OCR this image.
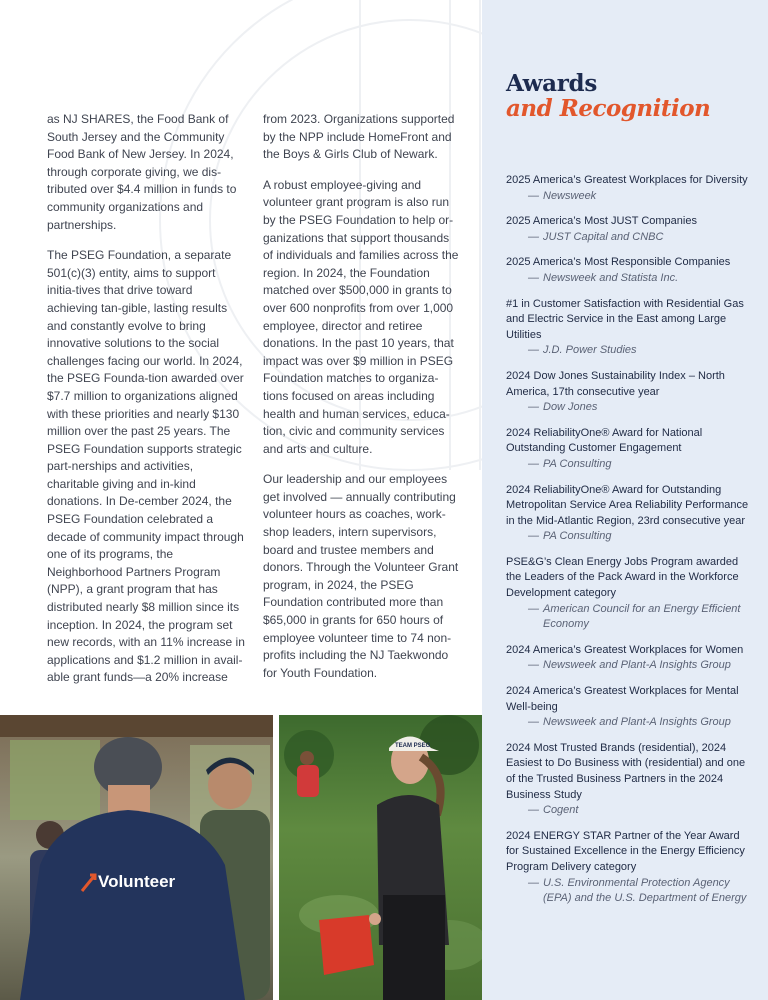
as NJ SHARES, the Food Bank of South Jersey and the Community Food Bank of New Jersey. In 2024, through corporate giving, we dis-tributed over $4.4 million in funds to community organizations and partnerships.

The PSEG Foundation, a separate 501(c)(3) entity, aims to support initia-tives that drive toward achieving tan-gible, lasting results and constantly evolve to bring innovative solutions to the social challenges facing our world. In 2024, the PSEG Founda-tion awarded over $7.7 million to organizations aligned with these priorities and nearly $130 million over the past 25 years. The PSEG Foundation supports strategic part-nerships and activities, charitable giving and in-kind donations. In De-cember 2024, the PSEG Foundation celebrated a decade of community impact through one of its programs, the Neighborhood Partners Program (NPP), a grant program that has distributed nearly $8 million since its inception. In 2024, the program set new records, with an 11% increase in applications and $1.2 million in avail-able grant funds—a 20% increase

from 2023. Organizations supported by the NPP include HomeFront and the Boys & Girls Club of Newark.

A robust employee-giving and volunteer grant program is also run by the PSEG Foundation to help or-ganizations that support thousands of individuals and families across the region. In 2024, the Foundation matched over $500,000 in grants to over 600 nonprofits from over 1,000 employee, director and retiree donations. In the past 10 years, that impact was over $9 million in PSEG Foundation matches to organiza-tions focused on areas including health and human services, educa-tion, civic and community services and arts and culture.

Our leadership and our employees get involved — annually contributing volunteer hours as coaches, work-shop leaders, intern supervisors, board and trustee members and donors. Through the Volunteer Grant program, in 2024, the PSEG Foundation contributed more than $65,000 in grants for 650 hours of employee volunteer time to 74 non-profits including the NJ Taekwondo for Youth Foundation.

Awards
and Recognition
2025 America’s Greatest Workplaces for Diversity
— Newsweek
2025 America’s Most JUST Companies
— JUST Capital and CNBC
2025 America’s Most Responsible Companies
— Newsweek and Statista Inc.
#1 in Customer Satisfaction with Residential Gas and Electric Service in the East among Large Utilities
— J.D. Power Studies
2024 Dow Jones Sustainability Index – North America, 17th consecutive year
— Dow Jones
2024 ReliabilityOne® Award for National Outstanding Customer Engagement
— PA Consulting
2024 ReliabilityOne® Award for Outstanding Metropolitan Service Area Reliability Performance in the Mid-Atlantic Region, 23rd consecutive year
— PA Consulting
PSE&G’s Clean Energy Jobs Program awarded the Leaders of the Pack Award in the Workforce Development category
— American Council for an Energy Efficient Economy
2024 America’s Greatest Workplaces for Women
— Newsweek and Plant-A Insights Group
2024 America’s Greatest Workplaces for Mental Well-being
— Newsweek and Plant-A Insights Group
2024 Most Trusted Brands (residential), 2024 Easiest to Do Business with (residential) and one of the Trusted Business Partners in the 2024 Business Study
— Cogent
2024 ENERGY STAR Partner of the Year Award for Sustained Excellence in the Energy Efficiency Program Delivery category
— U.S. Environmental Protection Agency (EPA) and the U.S. Department of Energy
Volunteer
TEAM PSEG
